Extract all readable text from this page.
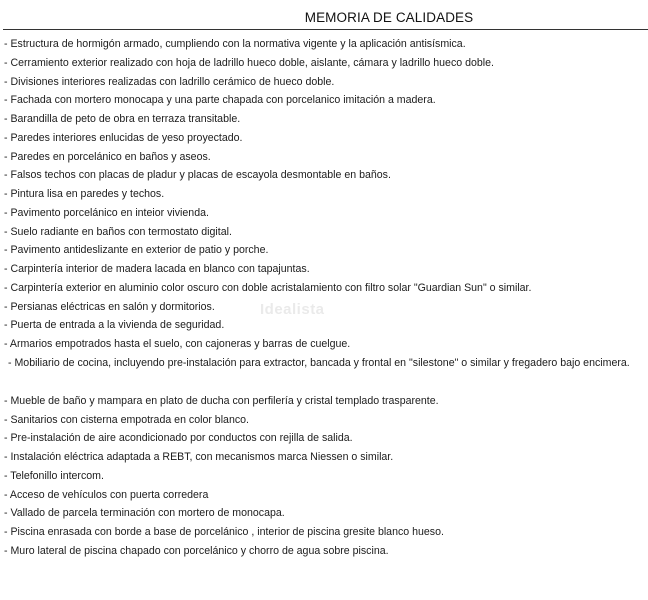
MEMORIA DE CALIDADES
Idealista
- Estructura de hormigón armado, cumpliendo con la normativa vigente y la aplicación antisísmica.
- Cerramiento exterior realizado con hoja de ladrillo hueco doble, aislante, cámara y ladrillo hueco doble.
- Divisiones interiores realizadas con ladrillo cerámico de hueco doble.
- Fachada con mortero monocapa y una parte chapada con porcelanico imitación a madera.
- Barandilla de peto de obra en terraza transitable.
- Paredes interiores enlucidas de yeso proyectado.
- Paredes en porcelánico en baños y aseos.
- Falsos techos con placas de pladur y placas de escayola desmontable en baños.
- Pintura lisa en paredes y techos.
- Pavimento porcelánico en inteior vivienda.
- Suelo radiante en baños con termostato digital.
- Pavimento antideslizante en exterior de patio y porche.
- Carpintería interior de madera lacada en blanco con tapajuntas.
- Carpintería exterior en aluminio color oscuro con doble acristalamiento con filtro solar "Guardian Sun" o similar.
- Persianas eléctricas en salón y dormitorios.
- Puerta de entrada a la vivienda de seguridad.
- Armarios empotrados hasta el suelo, con cajoneras y barras de cuelgue.
- Mobiliario de cocina, incluyendo pre-instalación para extractor, bancada y frontal en "silestone" o similar y fregadero bajo encimera.
- Mueble de baño y mampara en plato de ducha con perfilería y cristal templado trasparente.
- Sanitarios con cisterna empotrada en color blanco.
- Pre-instalación de aire acondicionado por conductos con rejilla de salida.
- Instalación eléctrica adaptada a REBT, con mecanismos marca Niessen o similar.
- Telefonillo intercom.
- Acceso de vehículos con puerta corredera
- Vallado de parcela terminación con mortero de monocapa.
- Piscina enrasada con borde a base de porcelánico , interior de piscina gresite blanco hueso.
- Muro lateral de piscina chapado con porcelánico y chorro de agua sobre piscina.
